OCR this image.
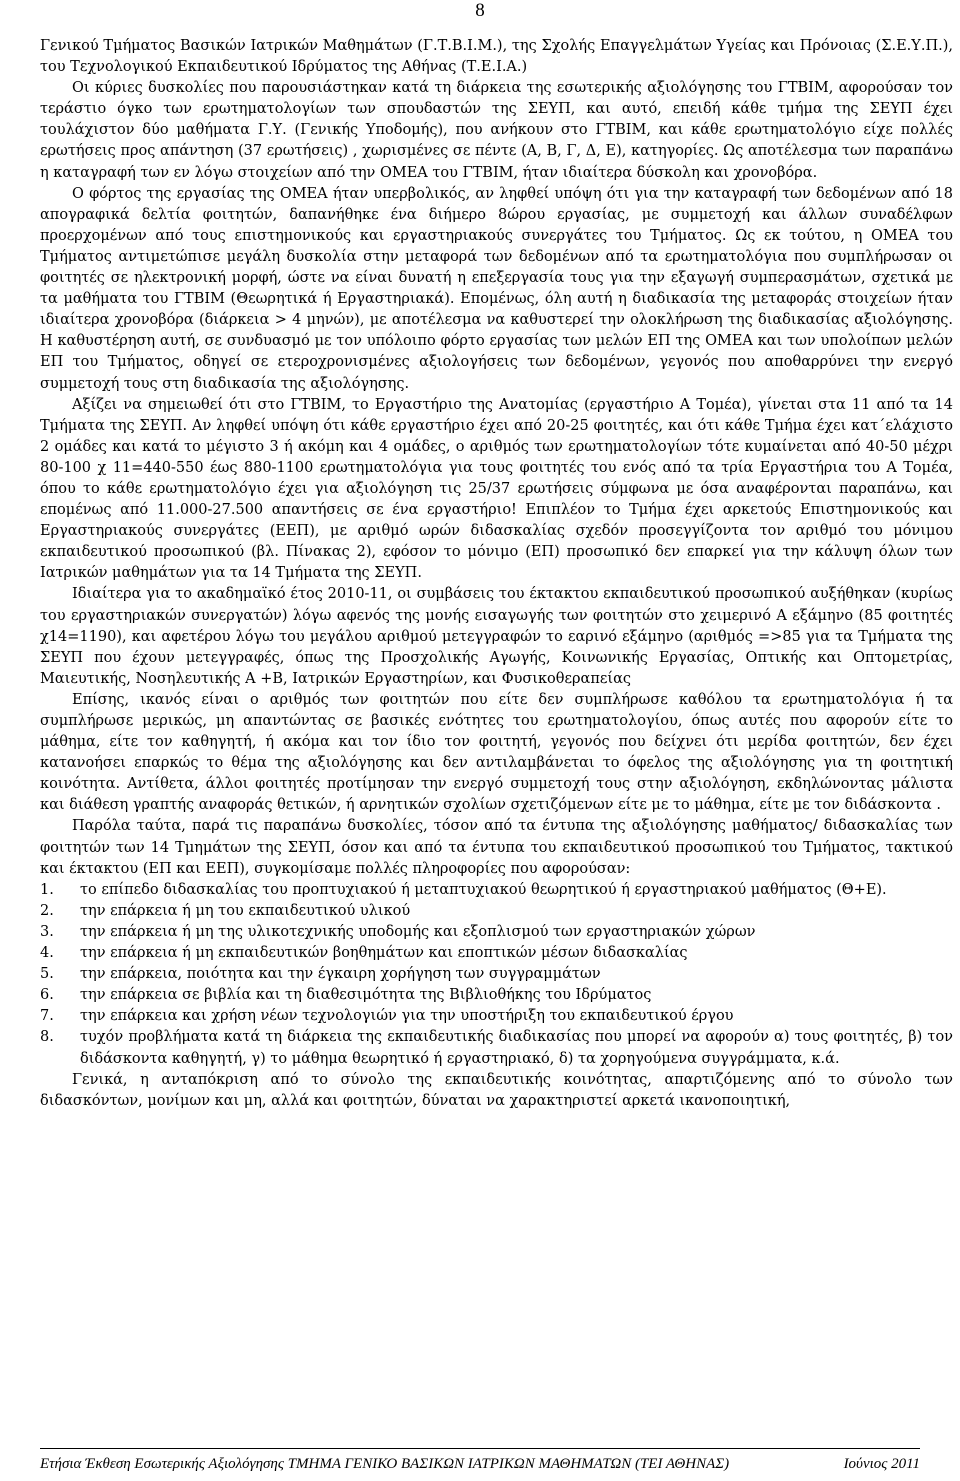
8

Γενικού Τμήματος Βασικών Ιατρικών Μαθημάτων (Γ.Τ.Β.Ι.Μ.), της Σχολής Επαγγελμάτων Υγείας και Πρόνοιας (Σ.Ε.Υ.Π.), του Τεχνολογικού Εκπαιδευτικού Ιδρύματος της Αθήνας (Τ.Ε.Ι.Α.)

Οι κύριες δυσκολίες που παρουσιάστηκαν κατά τη διάρκεια της εσωτερικής αξιολόγησης του ΓΤΒΙΜ, αφορούσαν τον τεράστιο όγκο των ερωτηματολογίων των σπουδαστών της ΣΕΥΠ, και αυτό, επειδή κάθε τμήμα της ΣΕΥΠ έχει τουλάχιστον δύο μαθήματα Γ.Υ. (Γενικής Υποδομής), που ανήκουν στο ΓΤΒΙΜ, και κάθε ερωτηματολόγιο είχε πολλές ερωτήσεις προς απάντηση (37 ερωτήσεις) , χωρισμένες σε πέντε (Α, Β, Γ, Δ, Ε), κατηγορίες. Ως αποτέλεσμα των παραπάνω η καταγραφή των εν λόγω στοιχείων από την ΟΜΕΑ του ΓΤΒΙΜ, ήταν ιδιαίτερα δύσκολη και χρονοβόρα.

Ο φόρτος της εργασίας της ΟΜΕΑ ήταν υπερβολικός, αν ληφθεί υπόψη ότι για την καταγραφή των δεδομένων από 18 απογραφικά δελτία φοιτητών, δαπανήθηκε ένα διήμερο 8ώρου εργασίας, με συμμετοχή και άλλων συναδέλφων προερχομένων από τους επιστημονικούς και εργαστηριακούς συνεργάτες του Τμήματος. Ως εκ τούτου, η ΟΜΕΑ του Τμήματος αντιμετώπισε μεγάλη δυσκολία στην μεταφορά των δεδομένων από τα ερωτηματολόγια που συμπλήρωσαν οι φοιτητές σε ηλεκτρονική μορφή, ώστε να είναι δυνατή η επεξεργασία τους για την εξαγωγή συμπερασμάτων, σχετικά με τα μαθήματα του ΓΤΒΙΜ (Θεωρητικά ή Εργαστηριακά). Επομένως, όλη αυτή η διαδικασία της μεταφοράς στοιχείων ήταν ιδιαίτερα χρονοβόρα (διάρκεια > 4 μηνών), με αποτέλεσμα να καθυστερεί την ολοκλήρωση της διαδικασίας αξιολόγησης. Η καθυστέρηση αυτή, σε συνδυασμό με τον υπόλοιπο φόρτο εργασίας των μελών ΕΠ της ΟΜΕΑ και των υπολοίπων μελών ΕΠ του Τμήματος, οδηγεί σε ετεροχρονισμένες αξιολογήσεις των δεδομένων, γεγονός που αποθαρρύνει την ενεργό συμμετοχή τους στη διαδικασία της αξιολόγησης.

Αξίζει να σημειωθεί ότι στο ΓΤΒΙΜ, το Εργαστήριο της Ανατομίας (εργαστήριο Α Τομέα), γίνεται στα 11 από τα 14 Τμήματα της ΣΕΥΠ. Αν ληφθεί υπόψη ότι κάθε εργαστήριο έχει από 20-25 φοιτητές, και ότι κάθε Τμήμα έχει κατ΄ελάχιστο 2 ομάδες και κατά το μέγιστο 3 ή ακόμη και 4 ομάδες, ο αριθμός των ερωτηματολογίων τότε κυμαίνεται από 40-50 μέχρι 80-100 χ 11=440-550 έως 880-1100 ερωτηματολόγια για τους φοιτητές του ενός από τα τρία Εργαστήρια του Α Τομέα, όπου το κάθε ερωτηματολόγιο έχει για αξιολόγηση τις 25/37 ερωτήσεις σύμφωνα με όσα αναφέρονται παραπάνω, και επομένως από 11.000-27.500 απαντήσεις σε ένα εργαστήριο! Επιπλέον το Τμήμα έχει αρκετούς Επιστημονικούς και Εργαστηριακούς συνεργάτες (ΕΕΠ), με αριθμό ωρών διδασκαλίας σχεδόν προσεγγίζοντα τον αριθμό του μόνιμου εκπαιδευτικού προσωπικού (βλ. Πίνακας 2), εφόσον το μόνιμο (ΕΠ) προσωπικό δεν επαρκεί για την κάλυψη όλων των Ιατρικών μαθημάτων για τα 14 Τμήματα της ΣΕΥΠ.

Ιδιαίτερα για το ακαδημαϊκό έτος 2010-11, οι συμβάσεις του έκτακτου εκπαιδευτικού προσωπικού αυξήθηκαν (κυρίως του εργαστηριακών συνεργατών) λόγω αφενός της μονής εισαγωγής των φοιτητών στο χειμερινό Α εξάμηνο (85 φοιτητές χ14=1190), και αφετέρου λόγω του μεγάλου αριθμού μετεγγραφών το εαρινό εξάμηνο (αριθμός =>85 για τα Τμήματα της ΣΕΥΠ που έχουν μετεγγραφές, όπως της Προσχολικής Αγωγής, Κοινωνικής Εργασίας, Οπτικής και Οπτομετρίας, Μαιευτικής, Νοσηλευτικής Α +Β, Ιατρικών Εργαστηρίων, και Φυσικοθεραπείας

Επίσης, ικανός είναι ο αριθμός των φοιτητών που είτε δεν συμπλήρωσε καθόλου τα ερωτηματολόγια ή τα συμπλήρωσε μερικώς, μη απαντώντας σε βασικές ενότητες του ερωτηματολογίου, όπως αυτές που αφορούν είτε το μάθημα, είτε τον καθηγητή, ή ακόμα και τον ίδιο τον φοιτητή, γεγονός που δείχνει ότι μερίδα φοιτητών, δεν έχει κατανοήσει επαρκώς το θέμα της αξιολόγησης και δεν αντιλαμβάνεται το όφελος της αξιολόγησης για τη φοιτητική κοινότητα. Αντίθετα, άλλοι φοιτητές προτίμησαν την ενεργό συμμετοχή τους στην αξιολόγηση, εκδηλώνοντας μάλιστα και διάθεση γραπτής αναφοράς θετικών, ή αρνητικών σχολίων σχετιζόμενων είτε με το μάθημα, είτε με τον διδάσκοντα .

Παρόλα ταύτα, παρά τις παραπάνω δυσκολίες, τόσον από τα έντυπα της αξιολόγησης μαθήματος/ διδασκαλίας των φοιτητών των 14 Τμημάτων της ΣΕΥΠ, όσον και από τα έντυπα του εκπαιδευτικού προσωπικού του Τμήματος, τακτικού και έκτακτου (ΕΠ και ΕΕΠ), συγκομίσαμε πολλές πληροφορίες που αφορούσαν:

1.	το επίπεδο διδασκαλίας του προπτυχιακού ή μεταπτυχιακού θεωρητικού ή εργαστηριακού μαθήματος (Θ+Ε).
2.	την επάρκεια ή μη του εκπαιδευτικού υλικού
3.	την επάρκεια ή μη της υλικοτεχνικής υποδομής και εξοπλισμού των εργαστηριακών χώρων
4.	την επάρκεια ή μη εκπαιδευτικών βοηθημάτων και εποπτικών μέσων διδασκαλίας
5.	την επάρκεια, ποιότητα και την έγκαιρη χορήγηση των συγγραμμάτων
6.	την επάρκεια σε βιβλία και τη διαθεσιμότητα της Βιβλιοθήκης του Ιδρύματος
7.	την επάρκεια και χρήση νέων τεχνολογιών για την υποστήριξη του εκπαιδευτικού έργου
8.	τυχόν προβλήματα κατά τη διάρκεια της εκπαιδευτικής διαδικασίας που μπορεί να αφορούν α) τους φοιτητές, β) τον διδάσκοντα καθηγητή, γ) το μάθημα θεωρητικό ή εργαστηριακό, δ) τα χορηγούμενα συγγράμματα, κ.ά.

Γενικά, η ανταπόκριση από το σύνολο της εκπαιδευτικής κοινότητας, απαρτιζόμενης από το σύνολο των διδασκόντων, μονίμων και μη, αλλά και φοιτητών, δύναται να χαρακτηριστεί αρκετά ικανοποιητική,

Ετήσια Έκθεση Εσωτερικής Αξιολόγησης ΤΜΗΜΑ ΓΕΝΙΚΟ ΒΑΣΙΚΩΝ ΙΑΤΡΙΚΩΝ ΜΑΘΗΜΑΤΩΝ (ΤΕΙ ΑΘΗΝΑΣ)	Ιούνιος 2011
